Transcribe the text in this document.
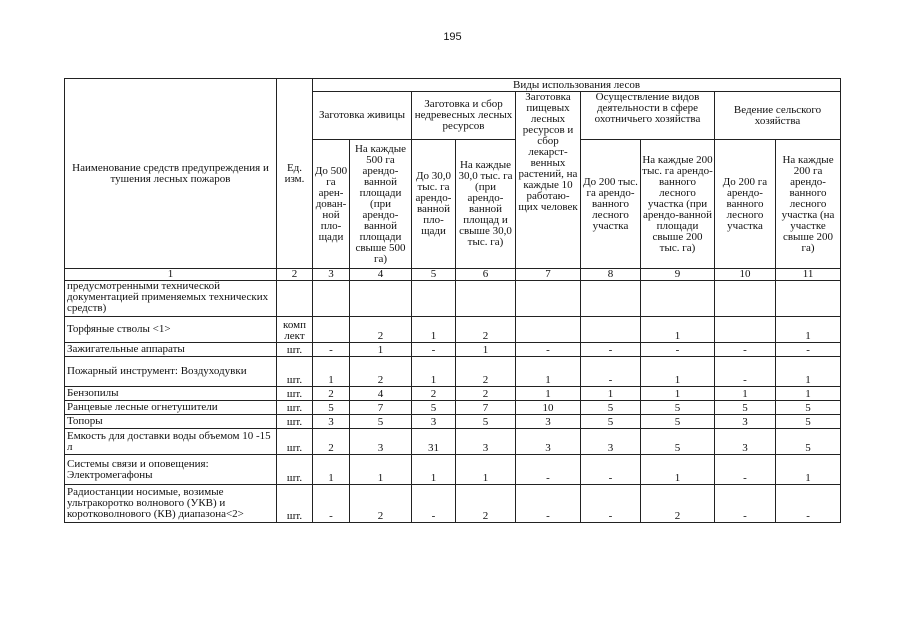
195
Наименование средств предупреждения и тушения лесных пожаров	Ед. изм.	Виды использования лесов								
		Заготовка живицы		Заготовка и сбор недревесных лесных ресурсов		Заготовка пищевых лесных ресурсов и сбор лекарст-венных растений, на каждые 10 работаю-щих человек	Осуществление видов деятельности в сфере охотничьего хозяйства		Ведение сельского хозяйства	
		До 500 га арен-дован-ной пло-щади	На каждые 500 га арендо-ванной площади (при арендо-ванной площади свыше 500 га)	До 30,0 тыс. га арендо-ванной пло-щади	На каждые 30,0 тыс. га (при арендо-ванной площад и свыше 30,0 тыс. га)		До 200 тыс. га арендо-ванного лесного участка	На каждые 200 тыс. га арендо-ванного лесного участка (при арендо-ванной площади свыше 200 тыс. га)	До 200 га арендо-ванного лесного участка	На каждые 200 га арендо-ванного лесного участка (на участке свыше 200 га)
1	2	3	4	5	6	7	8	9	10	11
предусмотренными технической документацией применяемых технических средств)										
Торфяные стволы <1>	комп лект		2	1	2			1		1
Зажигательные аппараты	шт.	-	1	-	1	-	-	-	-	-
Пожарный инструмент: Воздуходувки	шт.	1	2	1	2	1	-	1	-	1
Бензопилы	шт.	2	4	2	2	1	1	1	1	1
Ранцевые лесные огнетушители	шт.	5	7	5	7	10	5	5	5	5
Топоры	шт.	3	5	3	5	3	5	5	3	5
Емкость для доставки воды объемом 10 -15 л	шт.	2	3	31	3	3	3	5	3	5
Системы связи и оповещения: Электромегафоны	шт.	1	1	1	1	-	-	1	-	1
Радиостанции носимые, возимые ультракоротко волнового (УКВ) и коротковолнового (КВ) диапазона<2>	шт.	-	2	-	2	-	-	2	-	-
